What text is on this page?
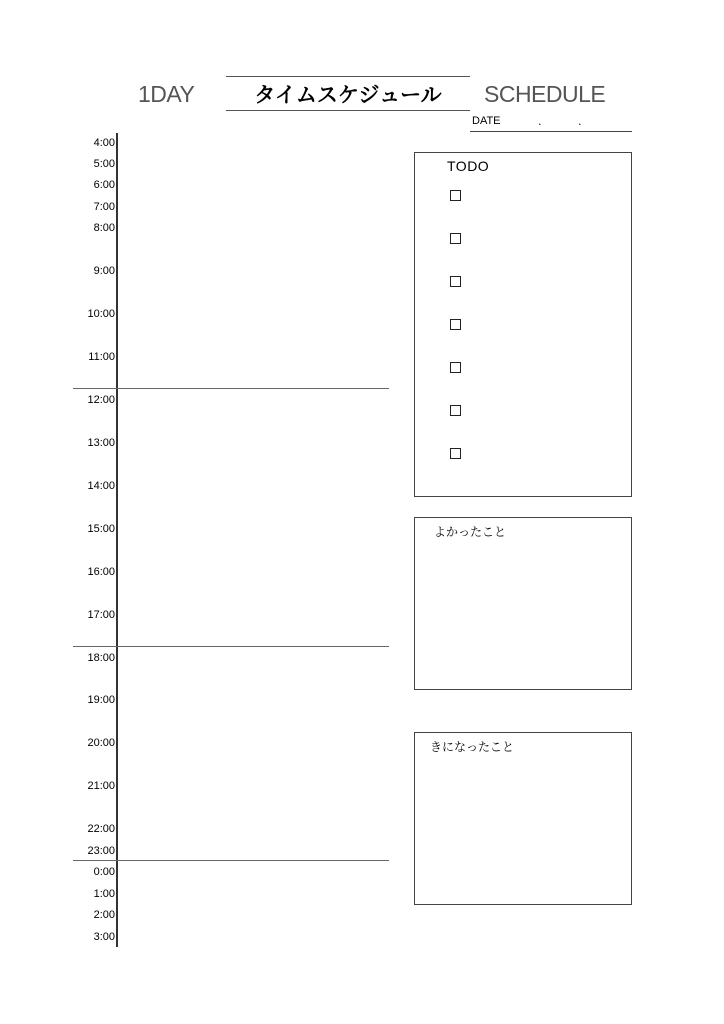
1DAY	タイムスケジュール	SCHEDULE
DATE	.	.
4:00
5:00
6:00
7:00
8:00
9:00
10:00
11:00
12:00
13:00
14:00
15:00
16:00
17:00
18:00
19:00
20:00
21:00
22:00
23:00
0:00
1:00
2:00
3:00
TODO
よかったこと
きになったこと
